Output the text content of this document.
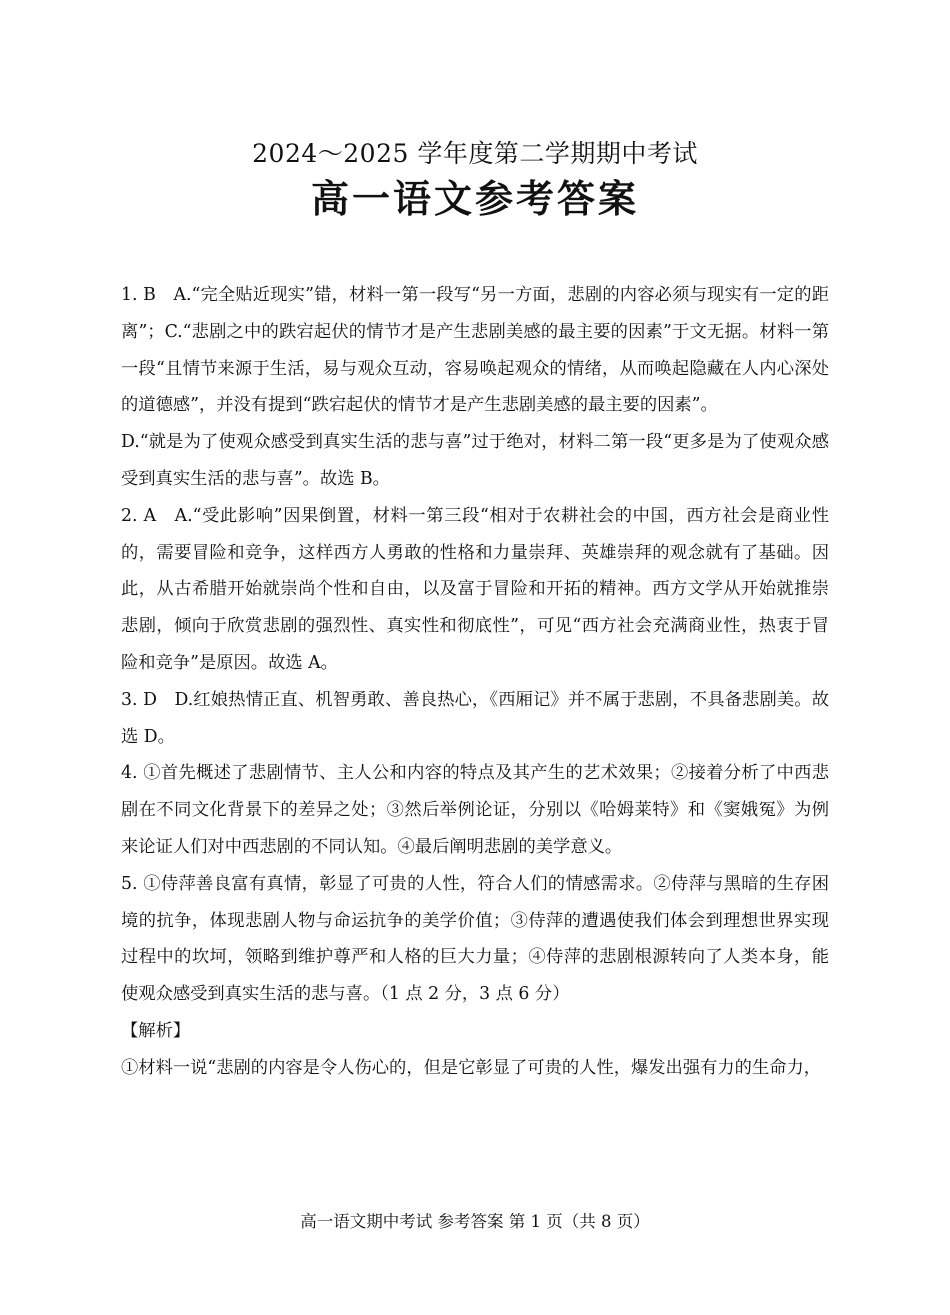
2024～2025 学年度第二学期期中考试
高一语文参考答案

1. B　A.“完全贴近现实”错，材料一第一段写“另一方面，悲剧的内容必须与现实有一定的距离”；C.“悲剧之中的跌宕起伏的情节才是产生悲剧美感的最主要的因素”于文无据。材料一第一段“且情节来源于生活，易与观众互动，容易唤起观众的情绪，从而唤起隐藏在人内心深处的道德感”，并没有提到“跌宕起伏的情节才是产生悲剧美感的最主要的因素”。

D.“就是为了使观众感受到真实生活的悲与喜”过于绝对，材料二第一段“更多是为了使观众感受到真实生活的悲与喜”。故选 B。

2. A　A.“受此影响”因果倒置，材料一第三段“相对于农耕社会的中国，西方社会是商业性的，需要冒险和竞争，这样西方人勇敢的性格和力量崇拜、英雄崇拜的观念就有了基础。因此，从古希腊开始就崇尚个性和自由，以及富于冒险和开拓的精神。西方文学从开始就推崇悲剧，倾向于欣赏悲剧的强烈性、真实性和彻底性”，可见“西方社会充满商业性，热衷于冒险和竞争”是原因。故选 A。

3. D　D.红娘热情正直、机智勇敢、善良热心，《西厢记》并不属于悲剧，不具备悲剧美。故选 D。

4. ①首先概述了悲剧情节、主人公和内容的特点及其产生的艺术效果；②接着分析了中西悲剧在不同文化背景下的差异之处；③然后举例论证，分别以《哈姆莱特》和《窦娥冤》为例来论证人们对中西悲剧的不同认知。④最后阐明悲剧的美学意义。

5. ①侍萍善良富有真情，彰显了可贵的人性，符合人们的情感需求。②侍萍与黑暗的生存困境的抗争，体现悲剧人物与命运抗争的美学价值；③侍萍的遭遇使我们体会到理想世界实现过程中的坎坷，领略到维护尊严和人格的巨大力量；④侍萍的悲剧根源转向了人类本身，能使观众感受到真实生活的悲与喜。（1 点 2 分，3 点 6 分）

【解析】

①材料一说“悲剧的内容是令人伤心的，但是它彰显了可贵的人性，爆发出强有力的生命力，

高一语文期中考试 参考答案 第 1 页（共 8 页）
